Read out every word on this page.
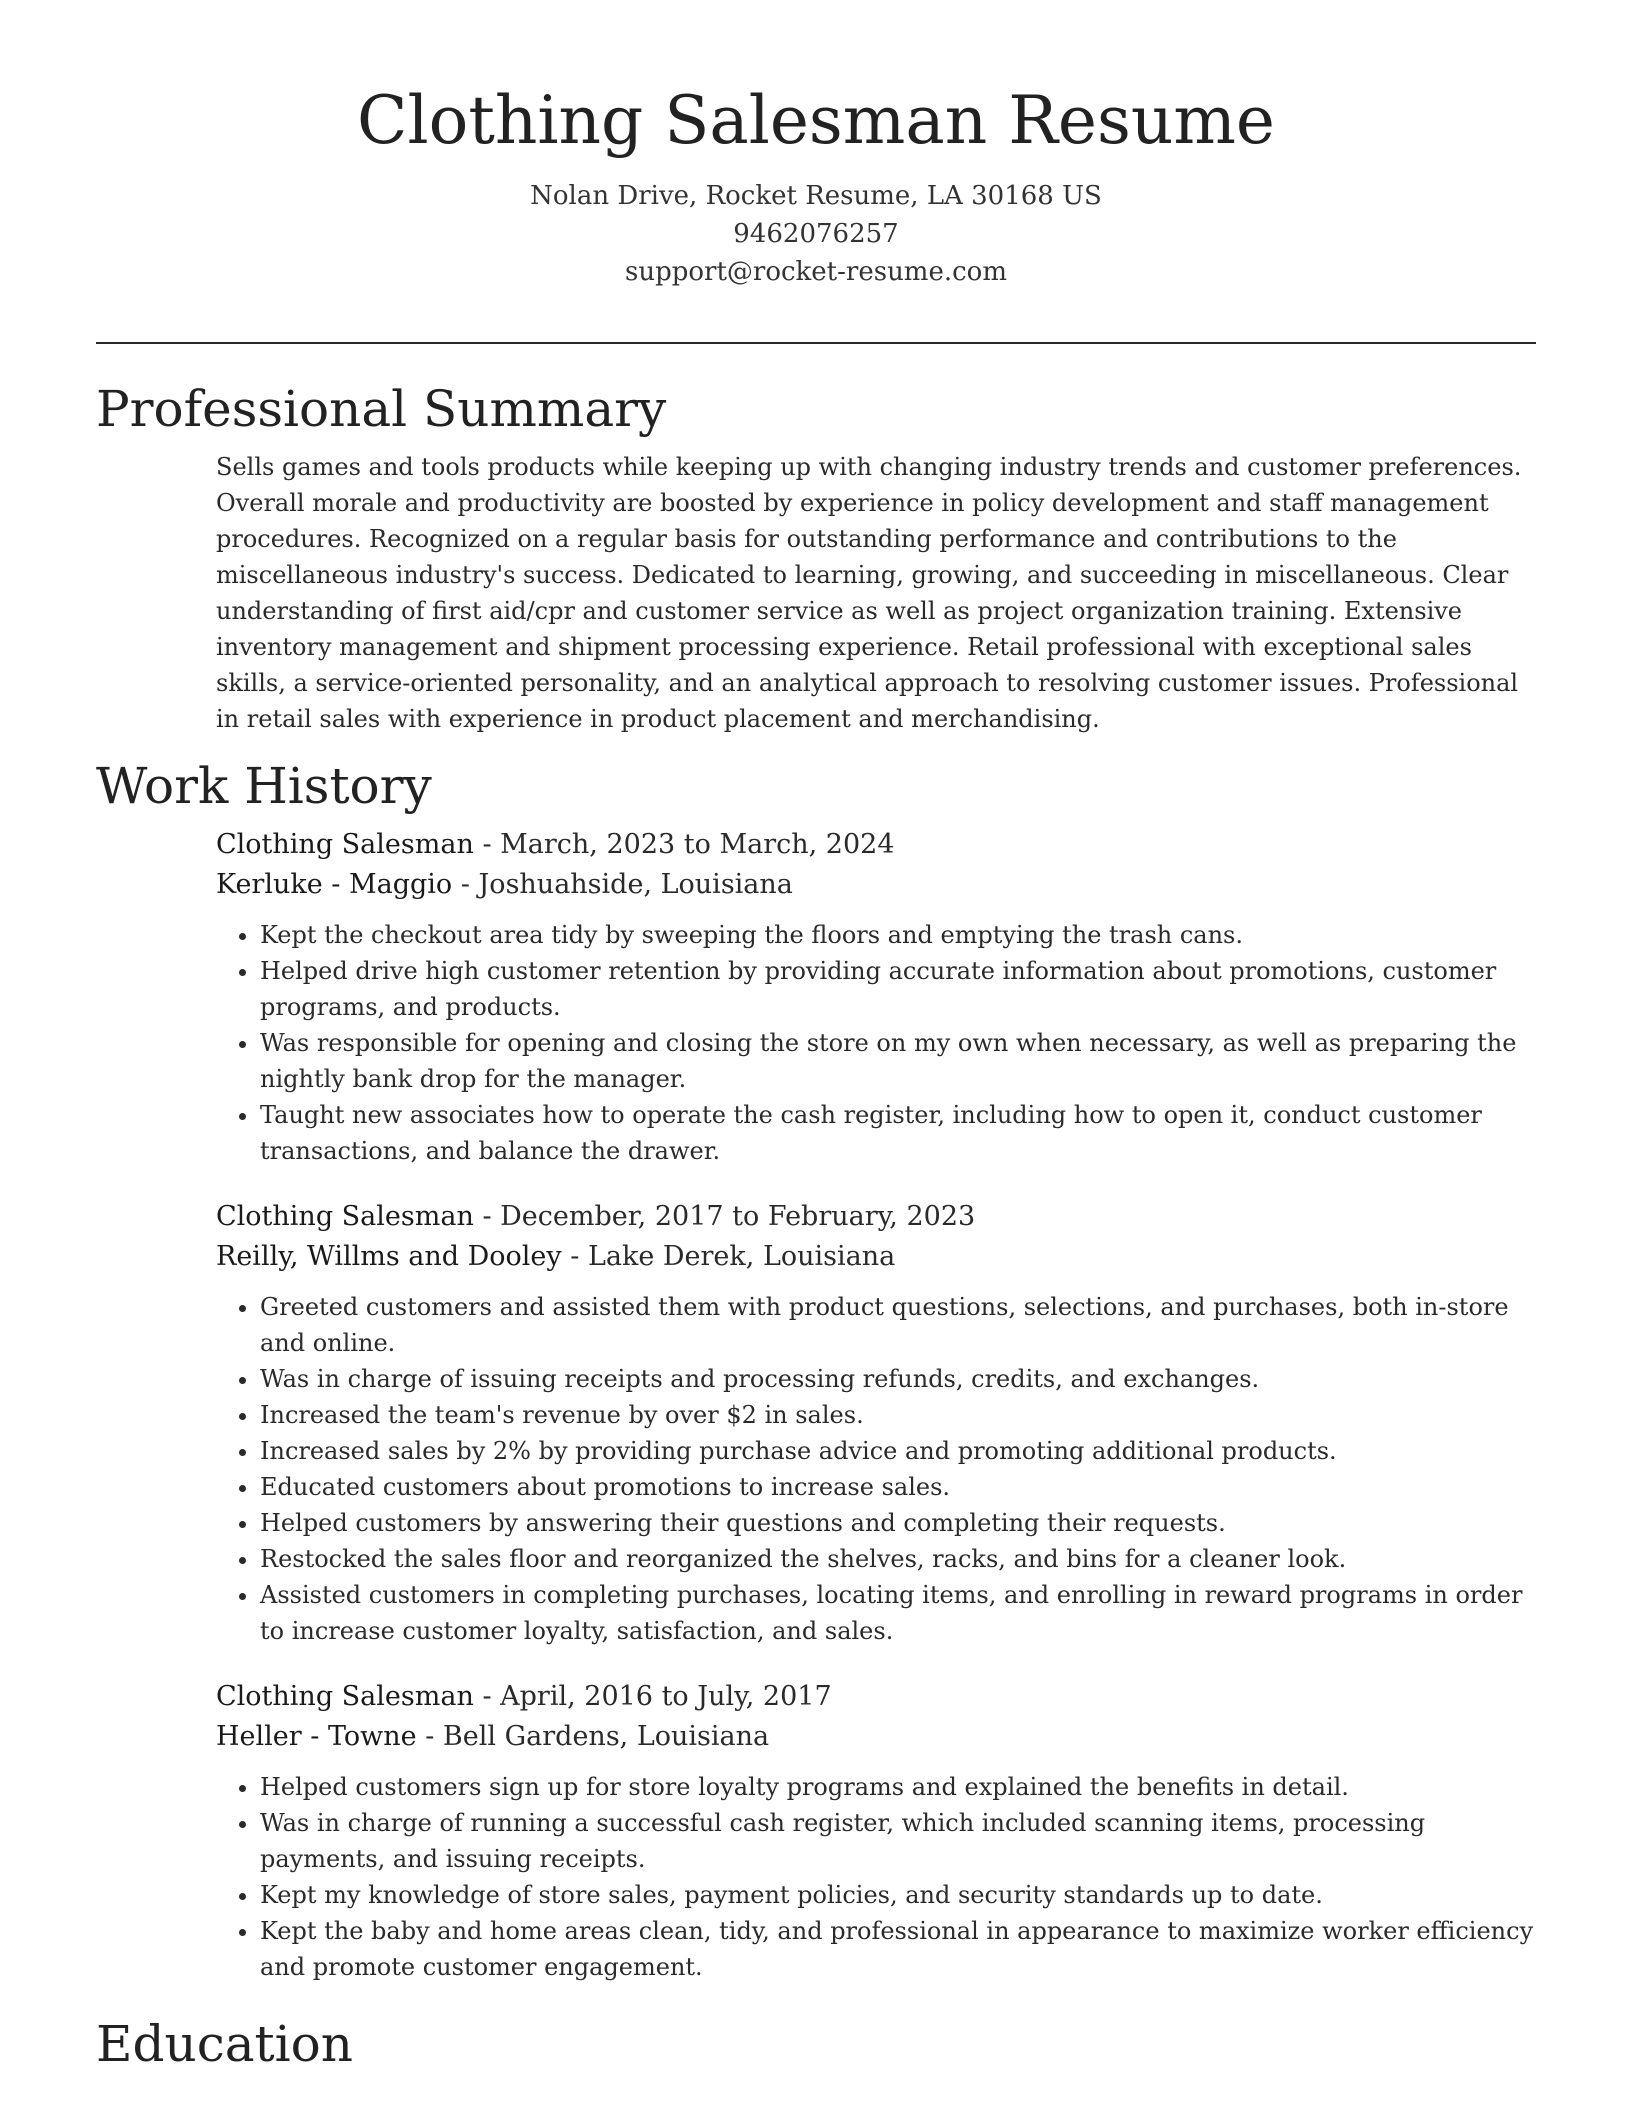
Clothing Salesman Resume
Nolan Drive, Rocket Resume, LA 30168 US
9462076257
support@rocket-resume.com
Professional Summary

Sells games and tools products while keeping up with changing industry trends and customer preferences. Overall morale and productivity are boosted by experience in policy development and staff management procedures. Recognized on a regular basis for outstanding performance and contributions to the miscellaneous industry's success. Dedicated to learning, growing, and succeeding in miscellaneous. Clear understanding of first aid/cpr and customer service as well as project organization training. Extensive inventory management and shipment processing experience. Retail professional with exceptional sales skills, a service-oriented personality, and an analytical approach to resolving customer issues. Professional in retail sales with experience in product placement and merchandising.

Work History
Clothing Salesman - March, 2023 to March, 2024
Kerluke - Maggio - Joshuahside, Louisiana
• Kept the checkout area tidy by sweeping the floors and emptying the trash cans.
• Helped drive high customer retention by providing accurate information about promotions, customer programs, and products.
• Was responsible for opening and closing the store on my own when necessary, as well as preparing the nightly bank drop for the manager.
• Taught new associates how to operate the cash register, including how to open it, conduct customer transactions, and balance the drawer.
Clothing Salesman - December, 2017 to February, 2023
Reilly, Willms and Dooley - Lake Derek, Louisiana
• Greeted customers and assisted them with product questions, selections, and purchases, both in-store and online.
• Was in charge of issuing receipts and processing refunds, credits, and exchanges.
• Increased the team's revenue by over $2 in sales.
• Increased sales by 2% by providing purchase advice and promoting additional products.
• Educated customers about promotions to increase sales.
• Helped customers by answering their questions and completing their requests.
• Restocked the sales floor and reorganized the shelves, racks, and bins for a cleaner look.
• Assisted customers in completing purchases, locating items, and enrolling in reward programs in order to increase customer loyalty, satisfaction, and sales.
Clothing Salesman - April, 2016 to July, 2017
Heller - Towne - Bell Gardens, Louisiana
• Helped customers sign up for store loyalty programs and explained the benefits in detail.
• Was in charge of running a successful cash register, which included scanning items, processing payments, and issuing receipts.
• Kept my knowledge of store sales, payment policies, and security standards up to date.
• Kept the baby and home areas clean, tidy, and professional in appearance to maximize worker efficiency and promote customer engagement.
Education
